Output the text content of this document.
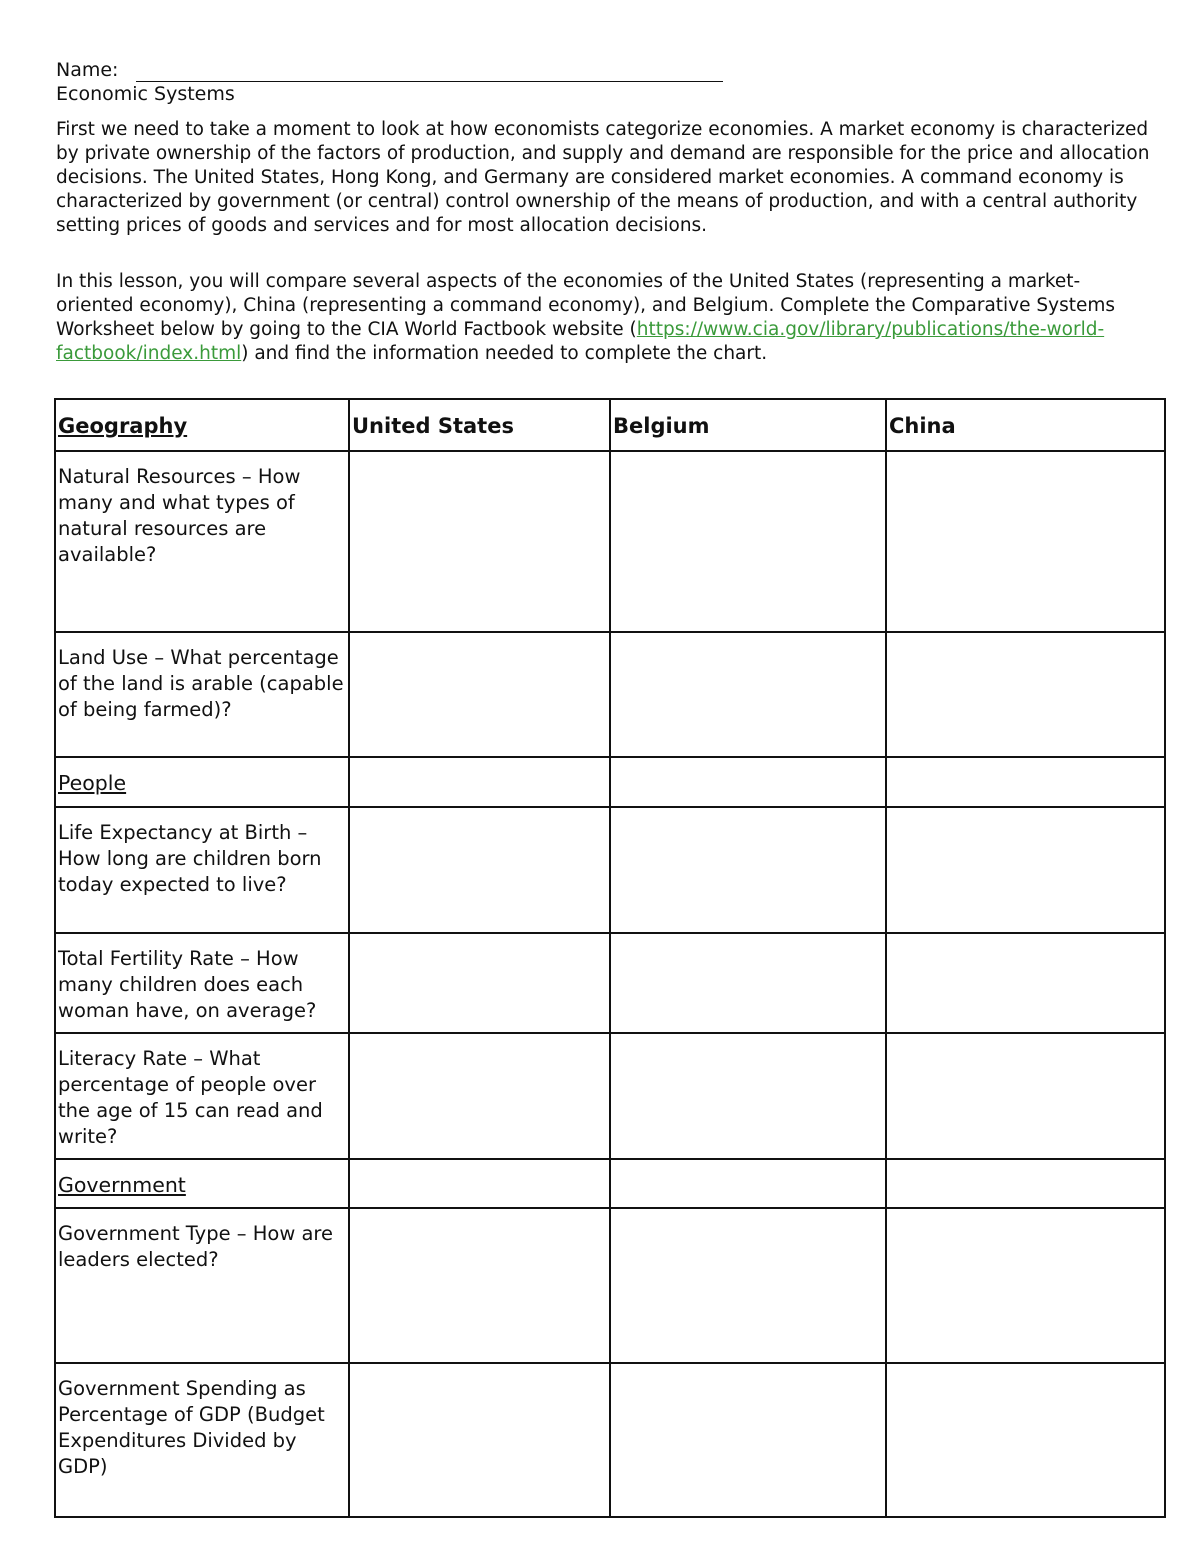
Name:
Economic Systems

First we need to take a moment to look at how economists categorize economies. A market economy is characterized by private ownership of the factors of production, and supply and demand are responsible for the price and allocation decisions. The United States, Hong Kong, and Germany are considered market economies. A command economy is characterized by government (or central) control ownership of the means of production, and with a central authority setting prices of goods and services and for most allocation decisions.

In this lesson, you will compare several aspects of the economies of the United States (representing a market-oriented economy), China (representing a command economy), and Belgium. Complete the Comparative Systems Worksheet below by going to the CIA World Factbook website (https://www.cia.gov/library/publications/the-world-factbook/index.html) and find the information needed to complete the chart.

Geography	United States	Belgium	China
Natural Resources – How many and what types of natural resources are available?			
Land Use – What percentage of the land is arable (capable of being farmed)?			
People			
Life Expectancy at Birth – How long are children born today expected to live?			
Total Fertility Rate – How many children does each woman have, on average?			
Literacy Rate – What percentage of people over the age of 15 can read and write?			
Government			
Government Type – How are leaders elected?			
Government Spending as Percentage of GDP (Budget Expenditures Divided by GDP)			
